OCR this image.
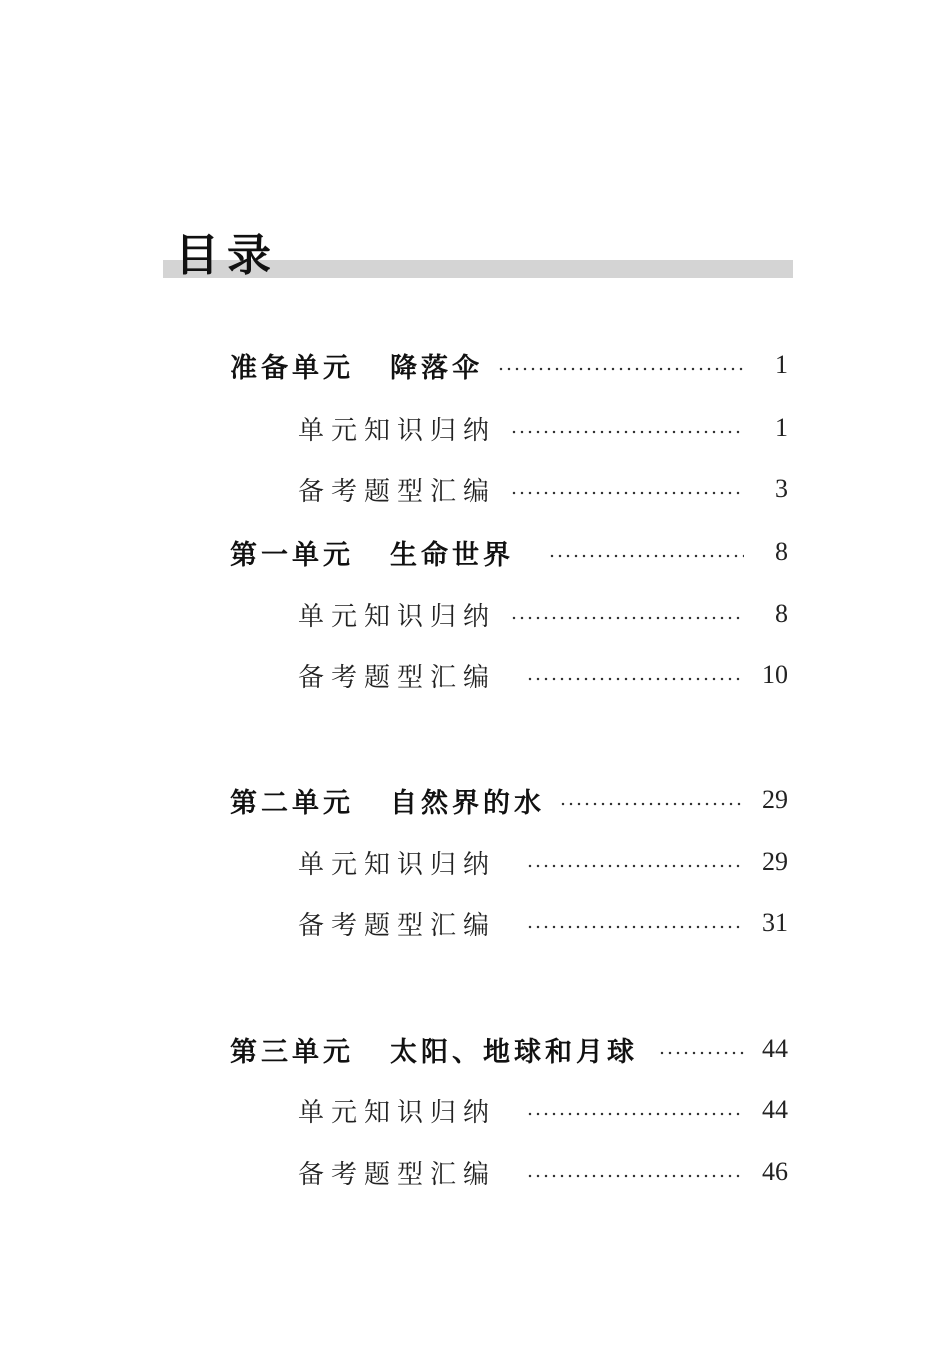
目录
准备单元 降落伞	1
单元知识归纳	1
备考题型汇编	3
第一单元 生命世界	8
单元知识归纳	8
备考题型汇编	10
第二单元 自然界的水	29
单元知识归纳	29
备考题型汇编	31
第三单元 太阳、地球和月球	44
单元知识归纳	44
备考题型汇编	46
